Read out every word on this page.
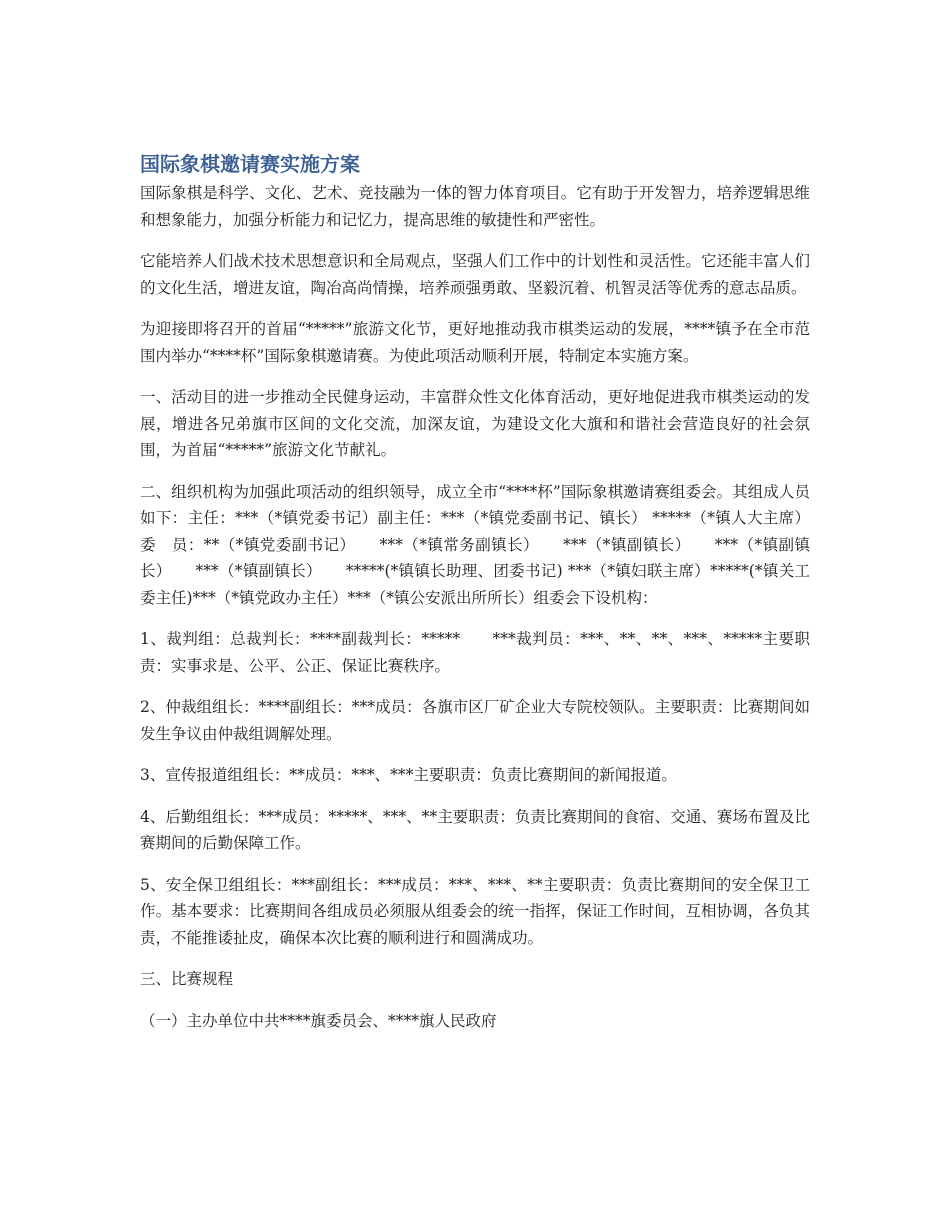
国际象棋邀请赛实施方案

国际象棋是科学、文化、艺术、竞技融为一体的智力体育项目。它有助于开发智力，培养逻辑思维和想象能力，加强分析能力和记忆力，提高思维的敏捷性和严密性。

它能培养人们战术技术思想意识和全局观点，坚强人们工作中的计划性和灵活性。它还能丰富人们的文化生活，增进友谊，陶冶高尚情操，培养顽强勇敢、坚毅沉着、机智灵活等优秀的意志品质。

为迎接即将召开的首届“*****”旅游文化节，更好地推动我市棋类运动的发展，****镇予在全市范围内举办“****杯”国际象棋邀请赛。为使此项活动顺利开展，特制定本实施方案。

一、活动目的进一步推动全民健身运动，丰富群众性文化体育活动，更好地促进我市棋类运动的发展，增进各兄弟旗市区间的文化交流，加深友谊，为建设文化大旗和和谐社会营造良好的社会氛围，为首届“*****”旅游文化节献礼。

二、组织机构为加强此项活动的组织领导，成立全市“****杯”国际象棋邀请赛组委会。其组成人员如下：主任：***（*镇党委书记）副主任：***（*镇党委副书记、镇长） *****（*镇人大主席）委　员：**（*镇党委副书记）　　***（*镇常务副镇长）　　***（*镇副镇长）　　***（*镇副镇长）　　***（*镇副镇长）　　*****(*镇镇长助理、团委书记) ***（*镇妇联主席）*****(*镇关工委主任)***（*镇党政办主任）***（*镇公安派出所所长）组委会下设机构：

1、裁判组：总裁判长：****副裁判长：*****　　***裁判员：***、**、**、***、*****主要职责：实事求是、公平、公正、保证比赛秩序。

2、仲裁组组长：****副组长：***成员：各旗市区厂矿企业大专院校领队。主要职责：比赛期间如发生争议由仲裁组调解处理。

3、宣传报道组组长：**成员：***、***主要职责：负责比赛期间的新闻报道。

4、后勤组组长：***成员：*****、***、**主要职责：负责比赛期间的食宿、交通、赛场布置及比赛期间的后勤保障工作。

5、安全保卫组组长：***副组长：***成员：***、***、**主要职责：负责比赛期间的安全保卫工作。基本要求：比赛期间各组成员必须服从组委会的统一指挥，保证工作时间，互相协调，各负其责，不能推诿扯皮，确保本次比赛的顺利进行和圆满成功。

三、比赛规程

（一）主办单位中共****旗委员会、****旗人民政府
